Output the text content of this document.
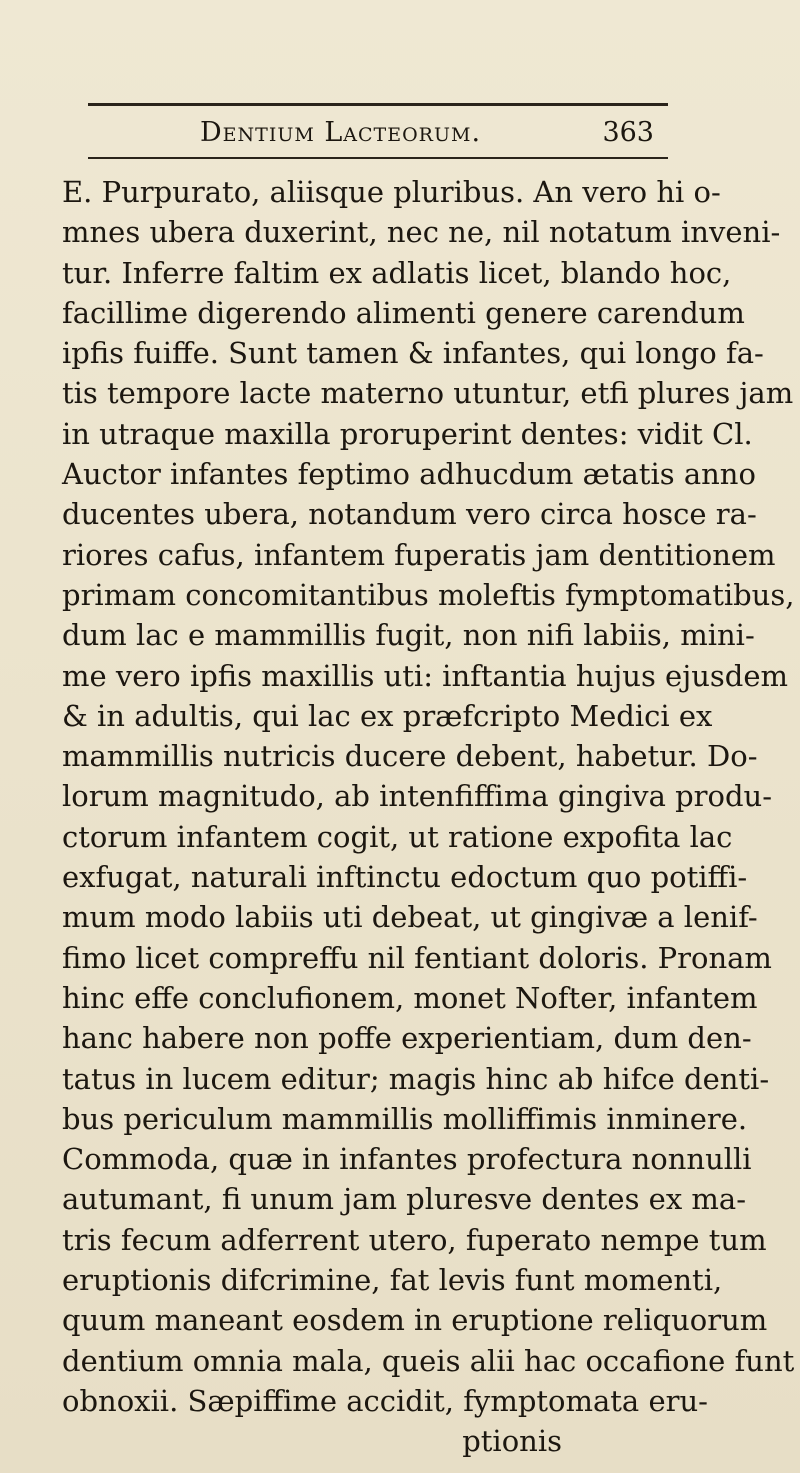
Dentium Lacteorum.	363
E. Purpurato, aliisque pluribus. An vero hi o-
mnes ubera duxerint, nec ne, nil notatum inveni-
tur. Inferre faltim ex adlatis licet, blando hoc,
facillime digerendo alimenti genere carendum
ipfis fuiffe. Sunt tamen & infantes, qui longo fa-
tis tempore lacte materno utuntur, etfi plures jam
in utraque maxilla proruperint dentes: vidit Cl.
Auctor infantes feptimo adhucdum ætatis anno
ducentes ubera, notandum vero circa hosce ra-
riores cafus, infantem fuperatis jam dentitionem
primam concomitantibus moleftis fymptomatibus,
dum lac e mammillis fugit, non nifi labiis, mini-
me vero ipfis maxillis uti: inftantia hujus ejusdem
& in adultis, qui lac ex præfcripto Medici ex
mammillis nutricis ducere debent, habetur. Do-
lorum magnitudo, ab intenfiffima gingiva produ-
ctorum infantem cogit, ut ratione expofita lac
exfugat, naturali inftinctu edoctum quo potiffi-
mum modo labiis uti debeat, ut gingivæ a lenif-
fimo licet compreffu nil fentiant doloris. Pronam
hinc effe conclufionem, monet Nofter, infantem
hanc habere non poffe experientiam, dum den-
tatus in lucem editur; magis hinc ab hifce denti-
bus periculum mammillis molliffimis inminere.
Commoda, quæ in infantes profectura nonnulli
autumant, fi unum jam pluresve dentes ex ma-
tris fecum adferrent utero, fuperato nempe tum
eruptionis difcrimine, fat levis funt momenti,
quum maneant eosdem in eruptione reliquorum
dentium omnia mala, queis alii hac occafione funt
obnoxii. Sæpiffime accidit, fymptomata eru-
ptionis
